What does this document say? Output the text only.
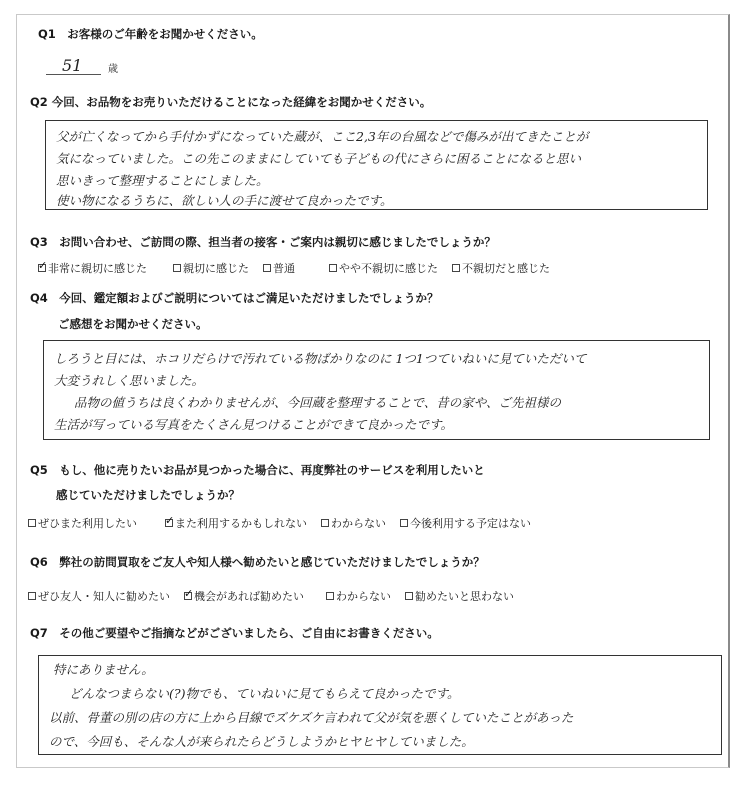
Q1　お客様のご年齢をお聞かせください。
51	歳
Q2 今回、お品物をお売りいただけることになった経緯をお聞かせください。
父が亡くなってから手付かずになっていた蔵が、ここ2,3年の台風などで傷みが出てきたことが
気になっていました。この先このままにしていても子どもの代にさらに困ることになると思い
思いきって整理することにしました。
使い物になるうちに、欲しい人の手に渡せて良かったです。
Q3　お問い合わせ、ご訪問の際、担当者の接客・ご案内は親切に感じましたでしょうか？
✓
非常に親切に感じた	親切に感じた 普通	やや不親切に感じた 不親切だと感じた
Q4　今回、鑑定額およびご説明についてはご満足いただけましたでしょうか？
ご感想をお聞かせください。
しろうと目には、ホコリだらけで汚れている物ばかりなのに 1つ1つていねいに見ていただいて
大変うれしく思いました。
品物の値うちは良くわかりませんが、今回蔵を整理することで、昔の家や、ご先祖様の
生活が写っている写真をたくさん見つけることができて良かったです。
Q5　もし、他に売りたいお品が見つかった場合に、再度弊社のサービスを利用したいと
感じていただけましたでしょうか？
ぜひまた利用したい ✓	また利用するかもしれない わからない 今後利用する予定はない
Q6　弊社の訪問買取をご友人や知人様へ勧めたいと感じていただけましたでしょうか？
ぜひ友人・知人に勧めたい ✓ 機会があれば勧めたい	わからない 勧めたいと思わない
Q7　その他ご要望やご指摘などがございましたら、ご自由にお書きください。
特にありません。
どんなつまらない(?)物でも、ていねいに見てもらえて良かったです。
以前、骨董の別の店の方に上から目線でズケズケ言われて父が気を悪くしていたことがあった
ので、今回も、そんな人が来られたらどうしようかヒヤヒヤしていました。
